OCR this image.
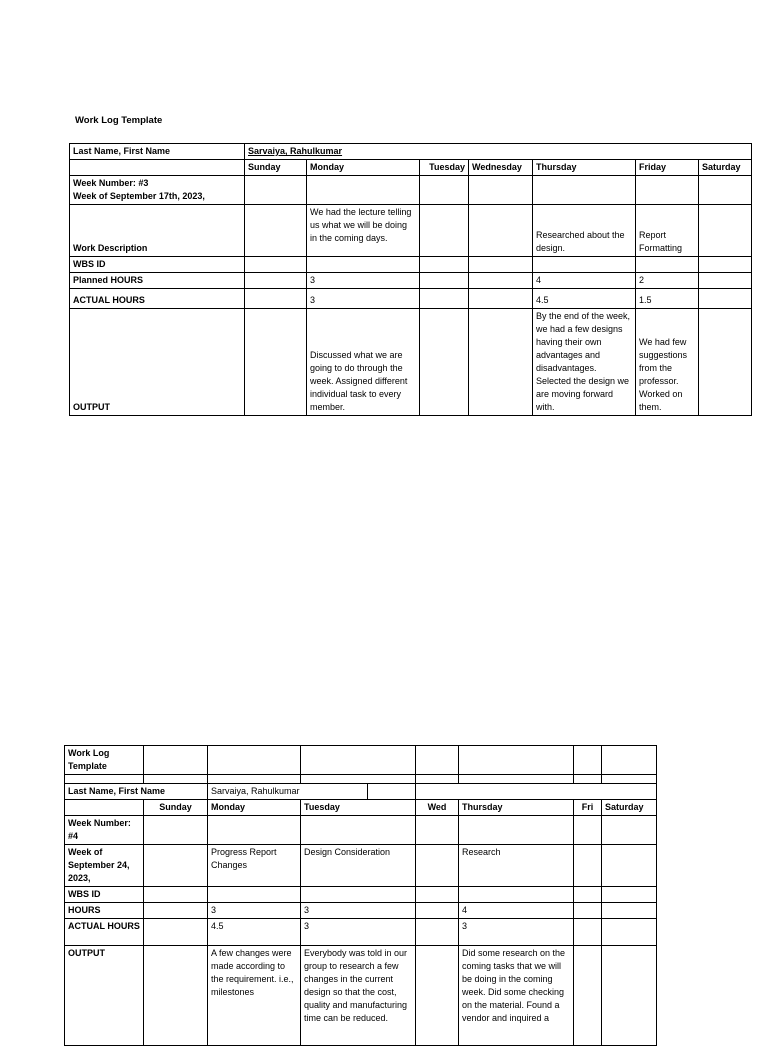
Work Log Template

Last Name, First Name	Sarvaiya, Rahulkumar						
	Sunday	Monday	Tuesday	Wednesday	Thursday	Friday	Saturday

Week Number: #3
Week of September 17th, 2023,							

Work Description		We had the lecture telling us what we will be doing in the coming days.			Researched about the design.	Report Formatting	
WBS ID							
Planned HOURS		3			4	2	
ACTUAL HOURS		3			4.5	1.5	
OUTPUT		Discussed what we are going to do through the week. Assigned different individual task to every member.			By the end of the week, we had a few designs having their own advantages and disadvantages. Selected the design we are moving forward with.	We had few suggestions from the professor. Worked on them.	
Work Log Template								

Last Name, First Name		Sarvaiya, Rahulkumar						
	Sunday	Monday	Tuesday		Wed	Thursday	Fri	Saturday
Week Number: #4								
Week of September 24, 2023,		Progress Report Changes	Design Consideration			Research		
WBS ID								
HOURS		3	3			4		
ACTUAL HOURS		4.5	3			3		
OUTPUT		A few changes were made according to the requirement. i.e., milestones	Everybody was told in our group to research a few changes in the current design so that the cost, quality and manufacturing time can be reduced.			Did some research on the coming tasks that we will be doing in the coming week. Did some checking on the material. Found a vendor and inquired a		
